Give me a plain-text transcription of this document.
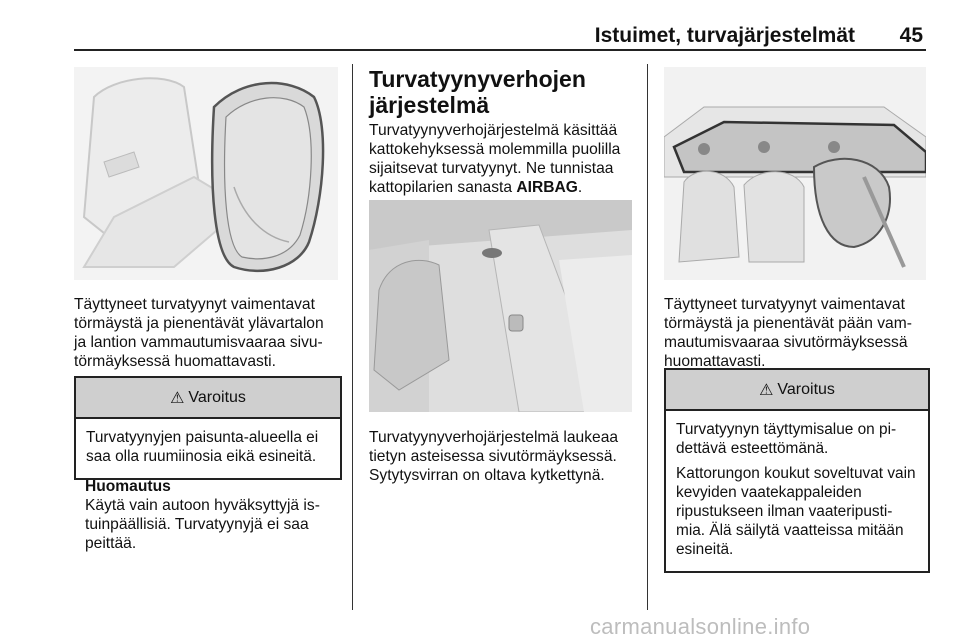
Istuimet, turvajärjestelmät 45

Täyttyneet turvatyynyt vaimentavat törmäystä ja pienentävät ylävartalon ja lantion vammautumisvaaraa sivu-törmäyksessä huomattavasti.

⚠ Varoitus

Turvatyynyjen paisunta-alueella ei saa olla ruumiinosia eikä esineitä.

Huomautus

Käytä vain autoon hyväksyttyjä is-tuinpäällisiä. Turvatyynyjä ei saa peittää.

Turvatyynyverhojen järjestelmä

Turvatyynyverhojärjestelmä käsittää kattokehyksessä molemmilla puolilla sijaitsevat turvatyynyt. Ne tunnistaa kattopilarien sanasta AIRBAG.

Turvatyynyverhojärjestelmä laukeaa tietyn asteisessa sivutörmäyksessä. Sytytysvirran on oltava kytkettynä.

Täyttyneet turvatyynyt vaimentavat törmäystä ja pienentävät pään vam-mautumisvaaraa sivutörmäyksessä huomattavasti.

⚠ Varoitus

Turvatyynyn täyttymisalue on pi-dettävä esteettömänä.

Kattorungon koukut soveltuvat vain kevyiden vaatekappaleiden ripustukseen ilman vaateripusti-mia. Älä säilytä vaatteissa mitään esineitä.

carmanualsonline.info
